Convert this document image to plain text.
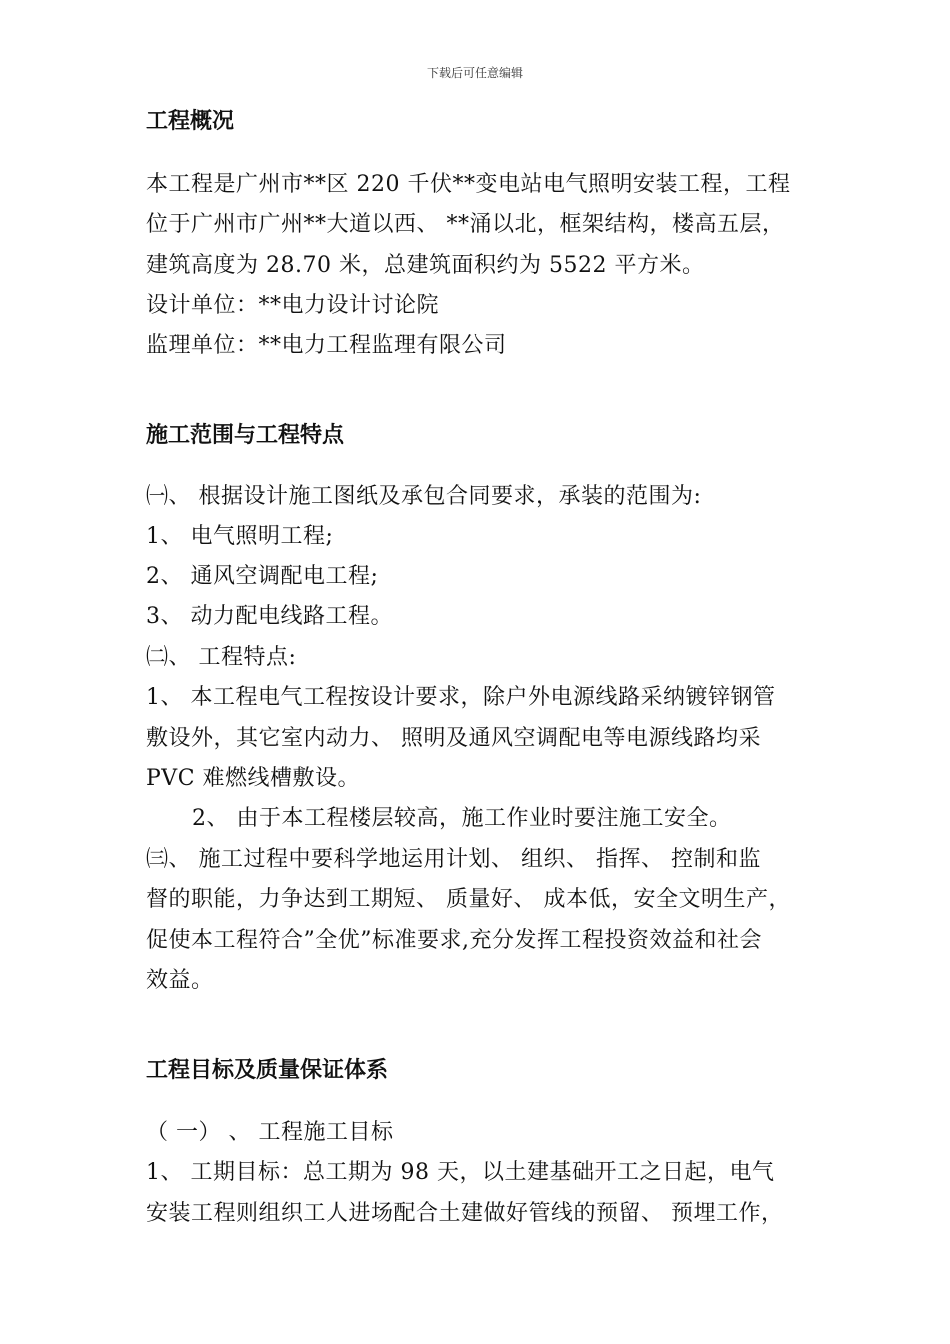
下载后可任意编辑
工程概况
本工程是广州市**区 220 千伏**变电站电气照明安装工程，工程
位于广州市广州**大道以西、 **涌以北，框架结构，楼高五层，
建筑高度为 28.70 米，总建筑面积约为 5522 平方米。
设计单位：**电力设计讨论院
监理单位：**电力工程监理有限公司
施工范围与工程特点
㈠、 根据设计施工图纸及承包合同要求，承装的范围为:
1、 电气照明工程;
2、 通风空调配电工程;
3、 动力配电线路工程。
㈡、 工程特点:
1、 本工程电气工程按设计要求，除户外电源线路采纳镀锌钢管
敷设外，其它室内动力、 照明及通风空调配电等电源线路均采
PVC 难燃线槽敷设。
2、 由于本工程楼层较高，施工作业时要注施工安全。
㈢、 施工过程中要科学地运用计划、 组织、 指挥、 控制和监
督的职能，力争达到工期短、 质量好、 成本低，安全文明生产，
促使本工程符合”全优”标准要求,充分发挥工程投资效益和社会
效益。
工程目标及质量保证体系
（ 一） 、 工程施工目标
1、 工期目标：总工期为 98 天，以土建基础开工之日起，电气
安装工程则组织工人进场配合土建做好管线的预留、 预埋工作，
